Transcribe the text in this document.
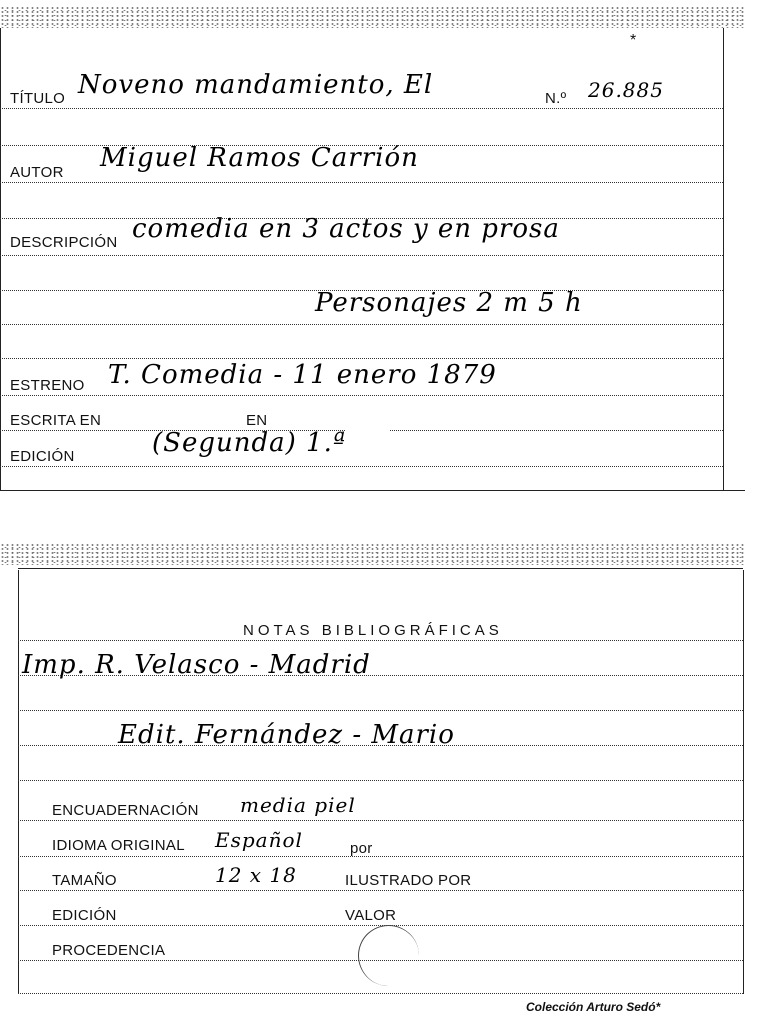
*
TÍTULO Noveno mandamiento, El	N.º 26.885
AUTOR Miguel Ramos Carrión
DESCRIPCIÓN comedia en 3 actos y en prosa
Personajes 2 m 5 h
ESTRENO T. Comedia - 11 enero 1879
ESCRITA EN	EN
EDICIÓN	(Segunda) 1.ª
NOTAS BIBLIOGRÁFICAS
Imp. R. Velasco - Madrid
Edit. Fernández - Mario
ENCUADERNACIÓN media piel
IDIOMA ORIGINAL Español	por
TAMAÑO	12 x 18	ILUSTRADO POR
EDICIÓN	VALOR
PROCEDENCIA
Colección Arturo Sedó*
